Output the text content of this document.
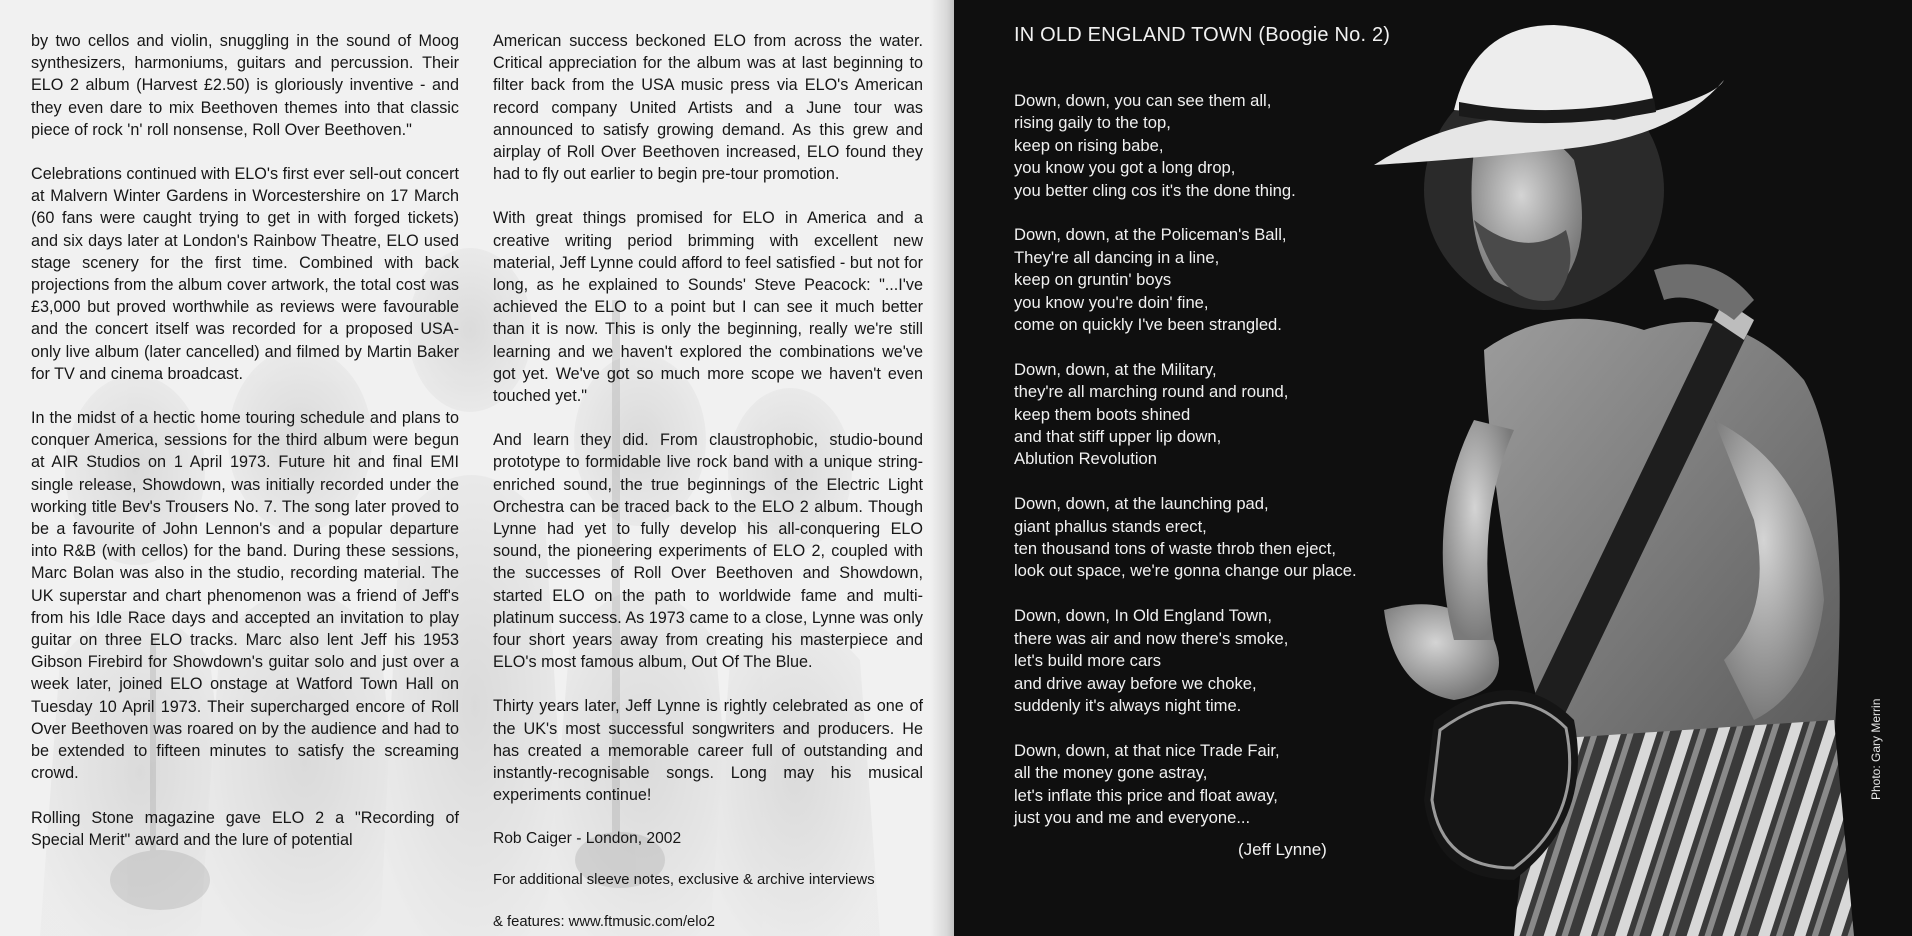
by two cellos and violin, snuggling in the sound of Moog synthesizers, harmoniums, guitars and percussion. Their ELO 2 album (Harvest £2.50) is gloriously inventive - and they even dare to mix Beethoven themes into that classic piece of rock 'n' roll nonsense, Roll Over Beethoven."

Celebrations continued with ELO's first ever sell-out concert at Malvern Winter Gardens in Worcestershire on 17 March (60 fans were caught trying to get in with forged tickets) and six days later at London's Rainbow Theatre, ELO used stage scenery for the first time. Combined with back projections from the album cover artwork, the total cost was £3,000 but proved worthwhile as reviews were favourable and the concert itself was recorded for a proposed USA-only live album (later cancelled) and filmed by Martin Baker for TV and cinema broadcast.

In the midst of a hectic home touring schedule and plans to conquer America, sessions for the third album were begun at AIR Studios on 1 April 1973. Future hit and final EMI single release, Showdown, was initially recorded under the working title Bev's Trousers No. 7. The song later proved to be a favourite of John Lennon's and a popular departure into R&B (with cellos) for the band. During these sessions, Marc Bolan was also in the studio, recording material. The UK superstar and chart phenomenon was a friend of Jeff's from his Idle Race days and accepted an invitation to play guitar on three ELO tracks. Marc also lent Jeff his 1953 Gibson Firebird for Showdown's guitar solo and just over a week later, joined ELO onstage at Watford Town Hall on Tuesday 10 April 1973. Their supercharged encore of Roll Over Beethoven was roared on by the audience and had to be extended to fifteen minutes to satisfy the screaming crowd.

Rolling Stone magazine gave ELO 2 a "Recording of Special Merit" award and the lure of potential

American success beckoned ELO from across the water. Critical appreciation for the album was at last beginning to filter back from the USA music press via ELO's American record company United Artists and a June tour was announced to satisfy growing demand. As this grew and airplay of Roll Over Beethoven increased, ELO found they had to fly out earlier to begin pre-tour promotion.

With great things promised for ELO in America and a creative writing period brimming with excellent new material, Jeff Lynne could afford to feel satisfied - but not for long, as he explained to Sounds' Steve Peacock: "...I've achieved the ELO to a point but I can see it much better than it is now. This is only the beginning, really we're still learning and we haven't explored the combinations we've got yet. We've got so much more scope we haven't even touched yet."

And learn they did. From claustrophobic, studio-bound prototype to formidable live rock band with a unique string-enriched sound, the true beginnings of the Electric Light Orchestra can be traced back to the ELO 2 album. Though Lynne had yet to fully develop his all-conquering ELO sound, the pioneering experiments of ELO 2, coupled with the successes of Roll Over Beethoven and Showdown, started ELO on the path to worldwide fame and multi-platinum success. As 1973 came to a close, Lynne was only four short years away from creating his masterpiece and ELO's most famous album, Out Of The Blue.

Thirty years later, Jeff Lynne is rightly celebrated as one of the UK's most successful songwriters and producers. He has created a memorable career full of outstanding and instantly-recognisable songs. Long may his musical experiments continue!

Rob Caiger - London, 2002

For additional sleeve notes, exclusive & archive interviews

& features: www.ftmusic.com/elo2

IN OLD ENGLAND TOWN (Boogie No. 2)
Down, down, you can see them all,
rising gaily to the top,
keep on rising babe,
you know you got a long drop,
you better cling cos it's the done thing.
Down, down, at the Policeman's Ball,
They're all dancing in a line,
keep on gruntin' boys
you know you're doin' fine,
come on quickly I've been strangled.
Down, down, at the Military,
they're all marching round and round,
keep them boots shined
and that stiff upper lip down,
Ablution Revolution
Down, down, at the launching pad,
giant phallus stands erect,
ten thousand tons of waste throb then eject,
look out space, we're gonna change our place.
Down, down, In Old England Town,
there was air and now there's smoke,
let's build more cars
and drive away before we choke,
suddenly it's always night time.
Down, down, at that nice Trade Fair,
all the money gone astray,
let's inflate this price and float away,
just you and me and everyone...
(Jeff Lynne)
Photo: Gary Merrin
